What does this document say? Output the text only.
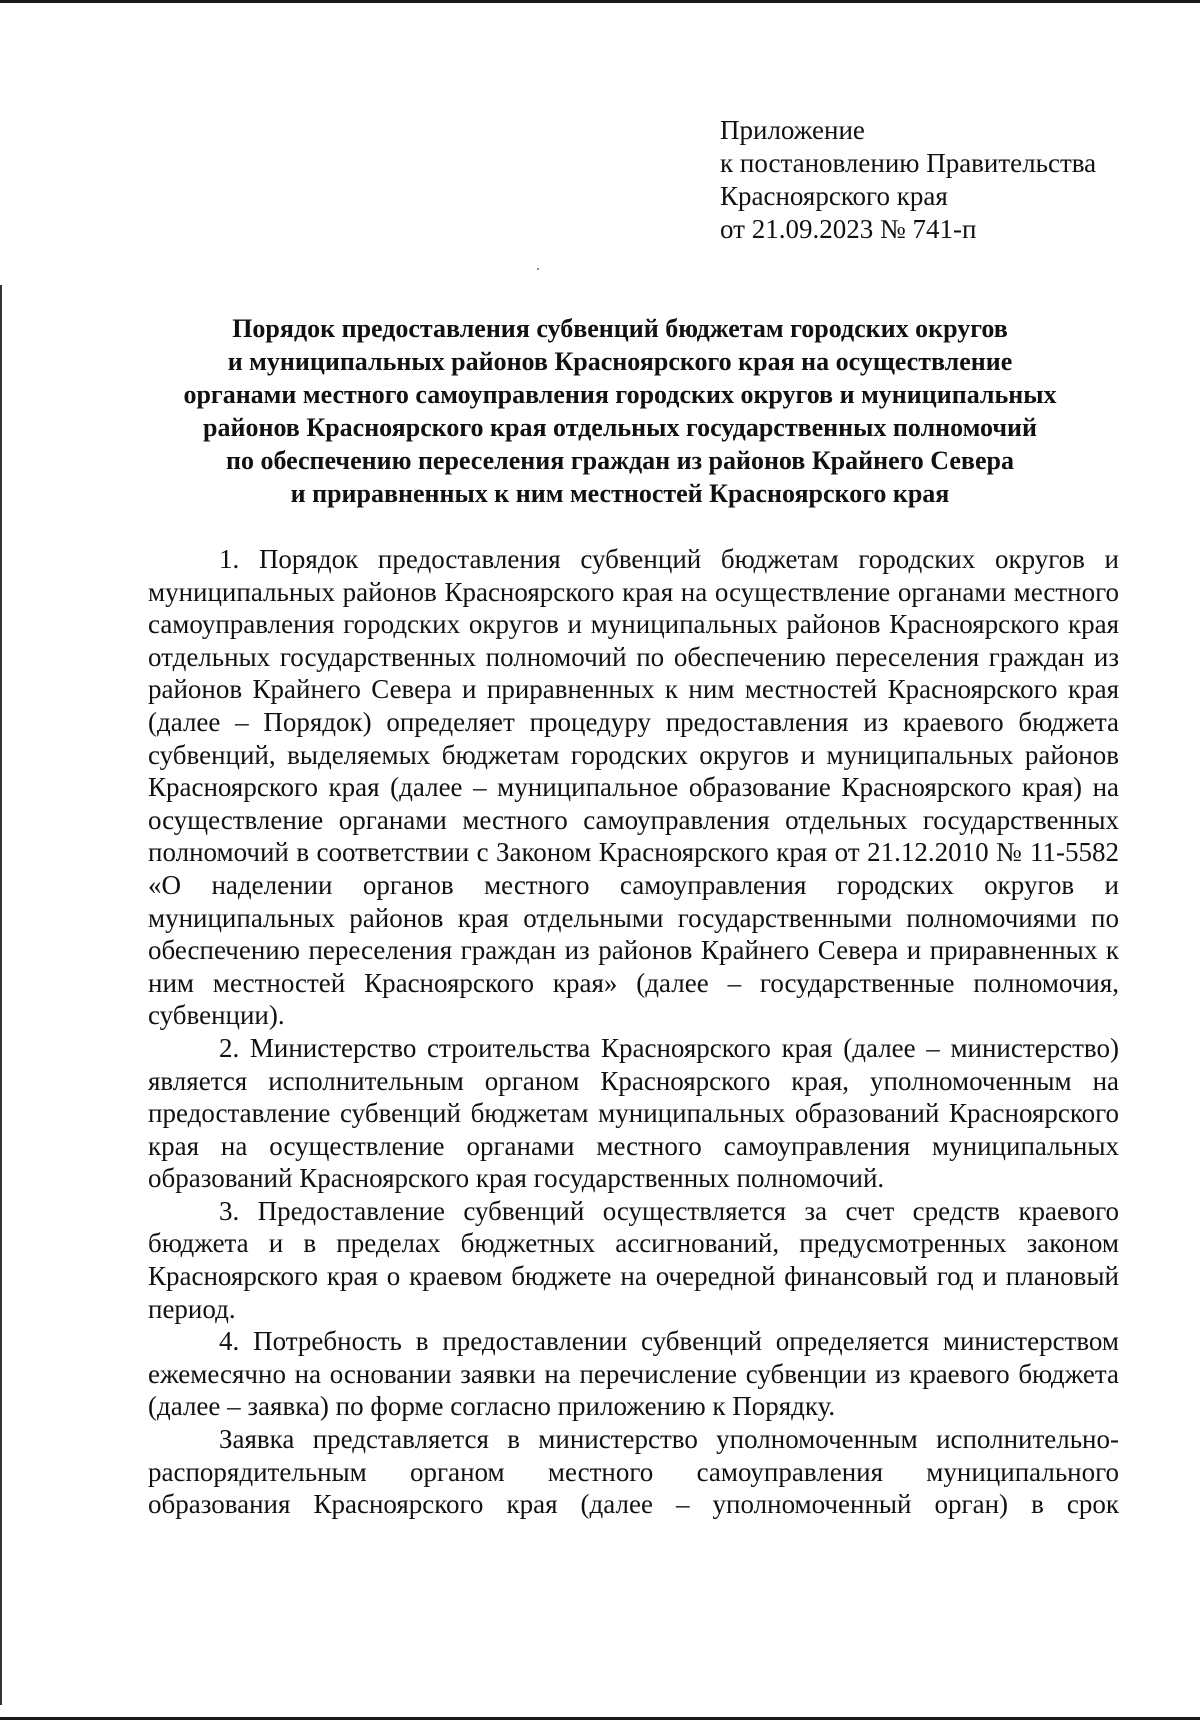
Приложение
к постановлению Правительства
Красноярского края
от 21.09.2023 № 741-п
Порядок предоставления субвенций бюджетам городских округов
и муниципальных районов Красноярского края на осуществление
органами местного самоуправления городских округов и муниципальных
районов Красноярского края отдельных государственных полномочий
по обеспечению переселения граждан из районов Крайнего Севера
и приравненных к ним местностей Красноярского края

1. Порядок предоставления субвенций бюджетам городских округов и муниципальных районов Красноярского края на осуществление органами местного самоуправления городских округов и муниципальных районов Красноярского края отдельных государственных полномочий по обеспечению переселения граждан из районов Крайнего Севера и приравненных к ним местностей Красноярского края (далее – Порядок) определяет процедуру предоставления из краевого бюджета субвенций, выделяемых бюджетам городских округов и муниципальных районов Красноярского края (далее – муниципальное образование Красноярского края) на осуществление органами местного самоуправления отдельных государственных полномочий в соответствии с Законом Красноярского края от 21.12.2010 № 11-5582 «О наделении органов местного самоуправления городских округов и муниципальных районов края отдельными государственными полномочиями по обеспечению переселения граждан из районов Крайнего Севера и приравненных к ним местностей Красноярского края» (далее – государственные полномочия, субвенции).

2. Министерство строительства Красноярского края (далее – министерство) является исполнительным органом Красноярского края, уполномоченным на предоставление субвенций бюджетам муниципальных образований Красноярского края на осуществление органами местного самоуправления муниципальных образований Красноярского края государственных полномочий.

3. Предоставление субвенций осуществляется за счет средств краевого бюджета и в пределах бюджетных ассигнований, предусмотренных законом Красноярского края о краевом бюджете на очередной финансовый год и плановый период.

4. Потребность в предоставлении субвенций определяется министерством ежемесячно на основании заявки на перечисление субвенции из краевого бюджета (далее – заявка) по форме согласно приложению к Порядку.

Заявка представляется в министерство уполномоченным исполнительно-распорядительным органом местного самоуправления муниципального образования Красноярского края (далее – уполномоченный орган) в срок
